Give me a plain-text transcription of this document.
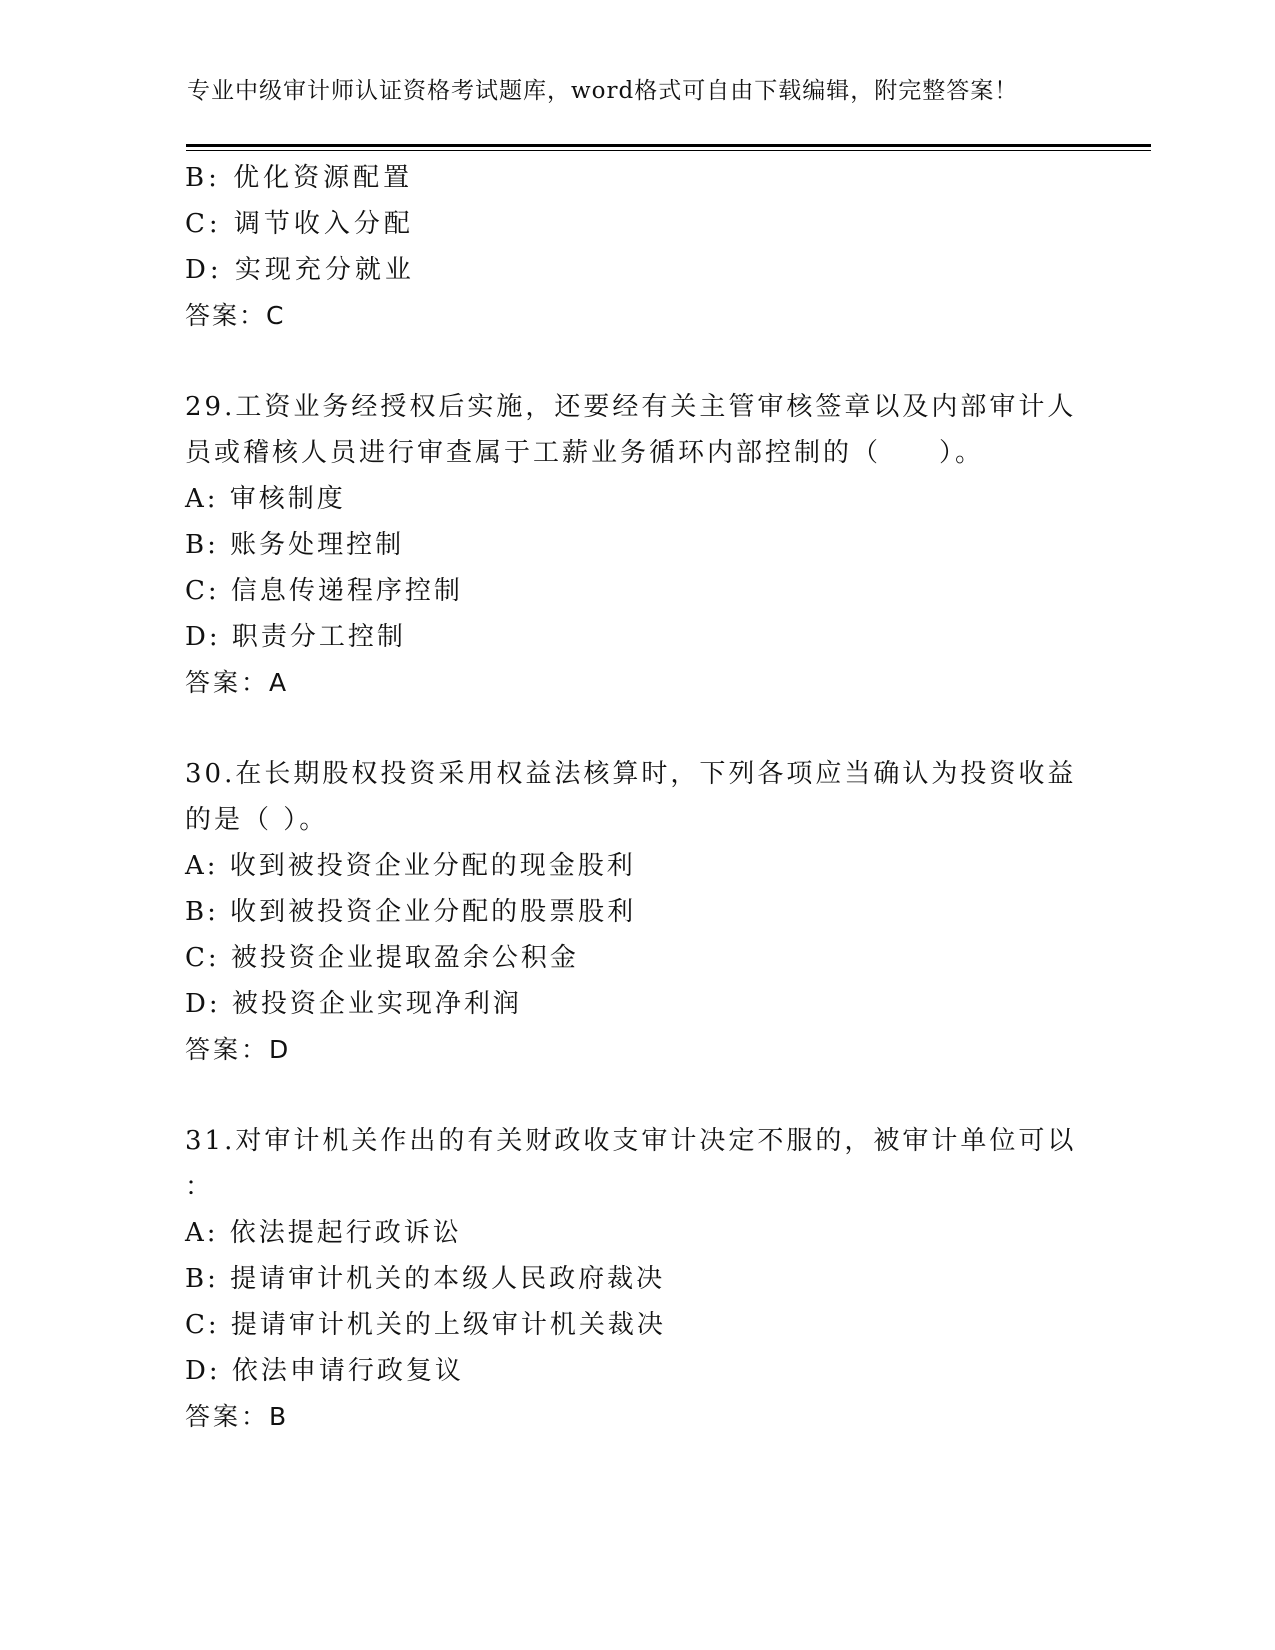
专业中级审计师认证资格考试题库，word格式可自由下载编辑，附完整答案！
B: 优化资源配置
C: 调节收入分配
D: 实现充分就业
答案：C
29.工资业务经授权后实施，还要经有关主管审核签章以及内部审计人
员或稽核人员进行审查属于工薪业务循环内部控制的（　　）。
A: 审核制度
B: 账务处理控制
C: 信息传递程序控制
D: 职责分工控制
答案：A
30.在长期股权投资采用权益法核算时，下列各项应当确认为投资收益
的是（ ）。
A: 收到被投资企业分配的现金股利
B: 收到被投资企业分配的股票股利
C: 被投资企业提取盈余公积金
D: 被投资企业实现净利润
答案：D
31.对审计机关作出的有关财政收支审计决定不服的，被审计单位可以
：
A: 依法提起行政诉讼
B: 提请审计机关的本级人民政府裁决
C: 提请审计机关的上级审计机关裁决
D: 依法申请行政复议
答案：B
